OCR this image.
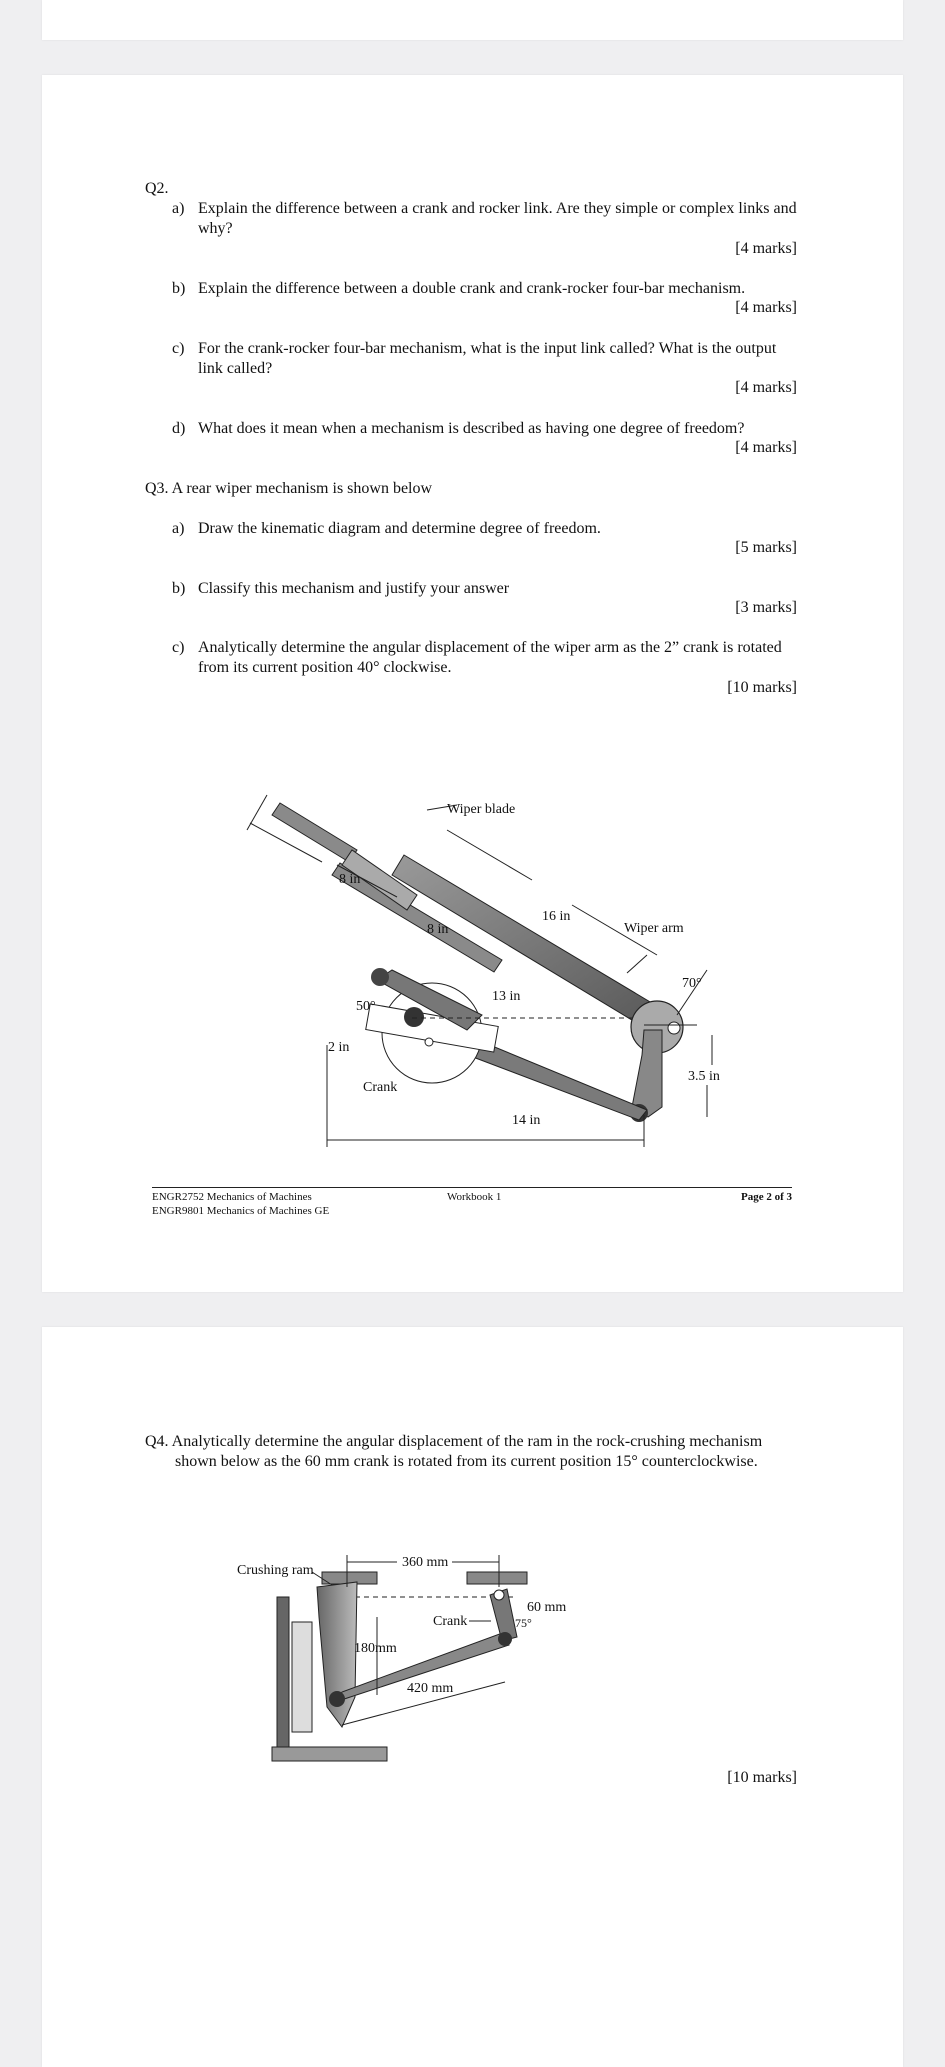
Q2.
a) Explain the difference between a crank and rocker link. Are they simple or complex links and why?
[4 marks]
b) Explain the difference between a double crank and crank-rocker four-bar mechanism.
[4 marks]
c) For the crank-rocker four-bar mechanism, what is the input link called? What is the output link called?
[4 marks]
d) What does it mean when a mechanism is described as having one degree of freedom?
[4 marks]
Q3. A rear wiper mechanism is shown below
a) Draw the kinematic diagram and determine degree of freedom.
[5 marks]
b) Classify this mechanism and justify your answer
[3 marks]
c) Analytically determine the angular displacement of the wiper arm as the 2” crank is rotated from its current position 40° clockwise.
[10 marks]
Wiper blade
8 in
8 in
16 in
Wiper arm
70°
13 in
50°
2 in
3.5 in
Crank
14 in
ENGR2752 Mechanics of Machines
ENGR9801 Mechanics of Machines GE
Workbook 1	Page 2 of 3
Q4. Analytically determine the angular displacement of the ram in the rock-crushing mechanism shown below as the 60 mm crank is rotated from its current position 15° counterclockwise.
360 mm
Crushing ram
60 mm
75°
Crank
180mm
420 mm
[10 marks]
